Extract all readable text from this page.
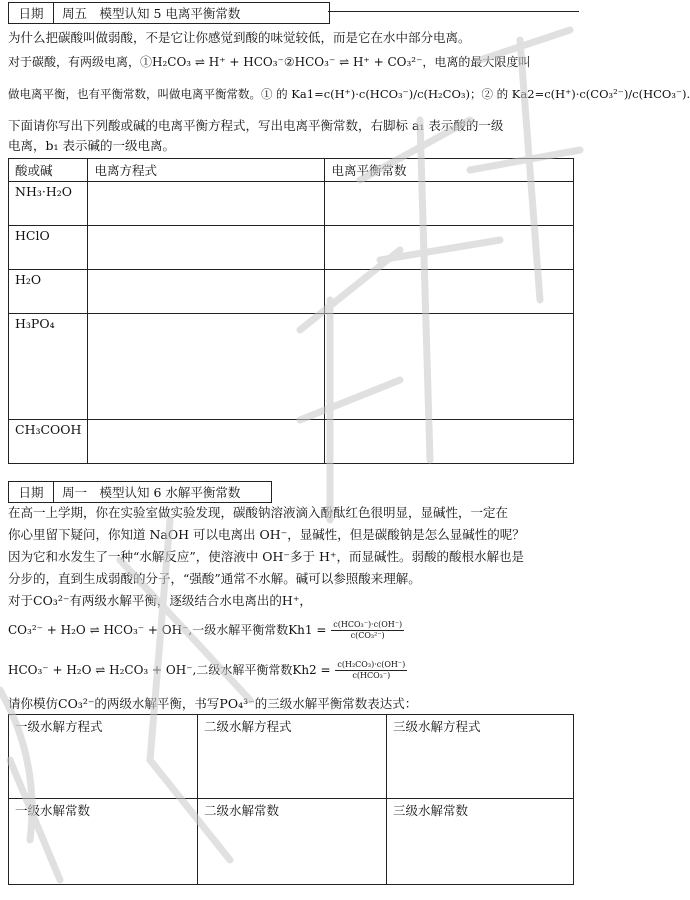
日期	周五　模型认知 5 电离平衡常数
为什么把碳酸叫做弱酸，不是它让你感觉到酸的味觉较低，而是它在水中部分电离。
对于碳酸，有两级电离，①H₂CO₃ ⇌ H⁺ + HCO₃⁻②HCO₃⁻ ⇌ H⁺ + CO₃²⁻，电离的最大限度叫
做电离平衡，也有平衡常数，叫做电离平衡常数。① 的 Ka1=c(H⁺)·c(HCO₃⁻)/c(H₂CO₃)；② 的 Ka2=c(H⁺)·c(CO₃²⁻)/c(HCO₃⁻).
下面请你写出下列酸或碱的电离平衡方程式，写出电离平衡常数，右脚标 a₁ 表示酸的一级
电离，b₁ 表示碱的一级电离。
酸或碱	电离方程式	电离平衡常数
NH₃·H₂O		
HClO		
H₂O		
H₃PO₄		
CH₃COOH		
日期	周一　模型认知 6 水解平衡常数
在高一上学期，你在实验室做实验发现，碳酸钠溶液滴入酚酞红色很明显，显碱性，一定在
你心里留下疑问，你知道 NaOH 可以电离出 OH⁻，显碱性，但是碳酸钠是怎么显碱性的呢？
因为它和水发生了一种“水解反应”，使溶液中 OH⁻多于 H⁺，而显碱性。弱酸的酸根水解也是
分步的，直到生成弱酸的分子，“强酸”通常不水解。碱可以参照酸来理解。
对于CO₃²⁻有两级水解平衡，逐级结合水电离出的H⁺，
CO₃²⁻ + H₂O ⇌ HCO₃⁻ + OH⁻,一级水解平衡常数$Kh1 = \frac{\text{c(HCO₃⁻)·c(OH⁻)}}{\text{c(CO₃²⁻)}}$
HCO₃⁻ + H₂O ⇌ H₂CO₃ + OH⁻,二级水解平衡常数$Kh2 = \frac{\text{c(H₂CO₃)·c(OH⁻)}}{\text{c(HCO₃⁻)}}$
请你模仿CO₃²⁻的两级水解平衡，书写PO₄³⁻的三级水解平衡常数表达式：
一级水解方程式	二级水解方程式	三级水解方程式
一级水解常数	二级水解常数	三级水解常数
